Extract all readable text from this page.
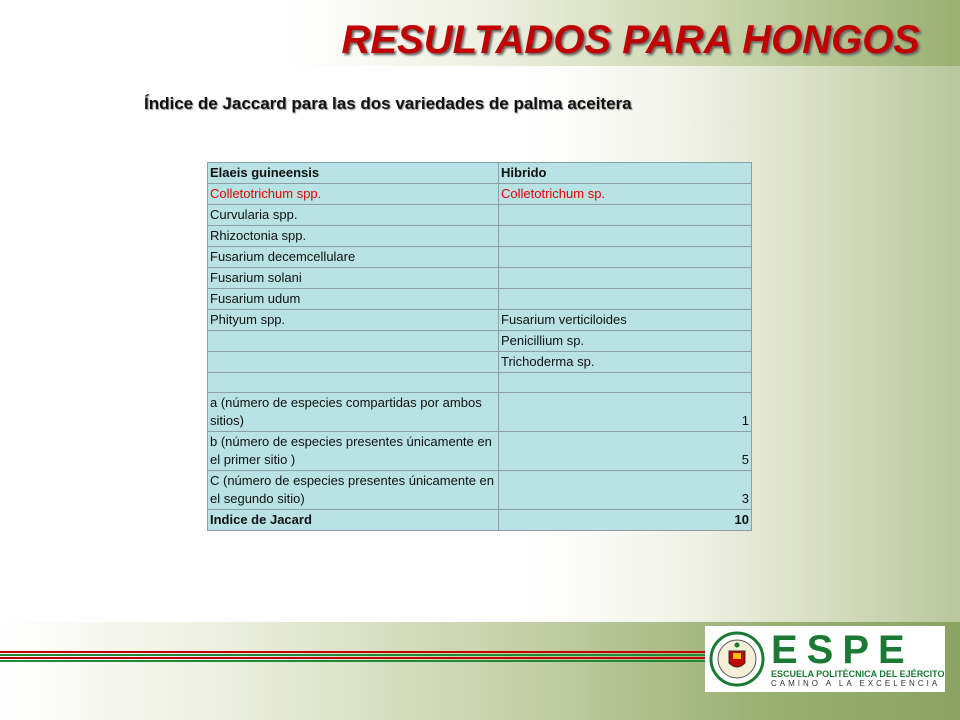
RESULTADOS PARA HONGOS

Índice de Jaccard para las dos variedades de palma aceitera

Elaeis guineensis	Hibrido
Colletotrichum spp.	Colletotrichum sp.
Curvularia spp.	
Rhizoctonia spp.	
Fusarium decemcellulare	
Fusarium solani	
Fusarium udum	
Phityum spp.	Fusarium verticiloides
	Penicillium sp.
	Trichoderma sp.

a (número de especies compartidas por ambos sitios)	1
b (número de especies presentes únicamente en el primer sitio )	5
C (número de especies presentes únicamente en el segundo sitio)	3
Indice de Jacard	10
ESPE
ESCUELA POLITÉCNICA DEL EJÉRCITO
CAMINO A LA EXCELENCIA
